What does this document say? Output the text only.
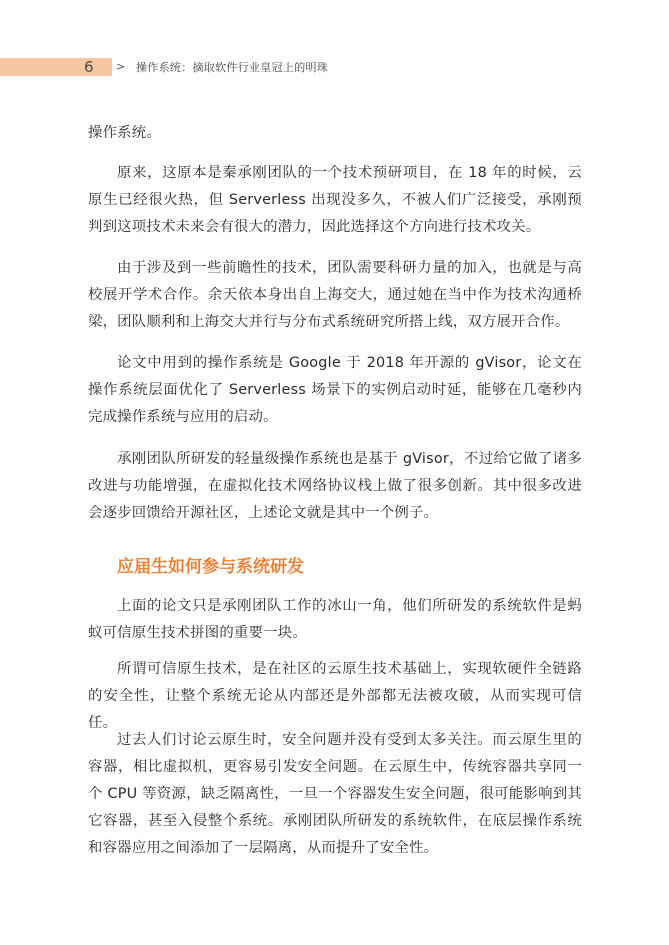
6 > 操作系统：摘取软件行业皇冠上的明珠

操作系统。

原来，这原本是秦承刚团队的一个技术预研项目，在 18 年的时候，云原生已经很火热，但 Serverless 出现没多久，不被人们广泛接受，承刚预判到这项技术未来会有很大的潜力，因此选择这个方向进行技术攻关。

由于涉及到一些前瞻性的技术，团队需要科研力量的加入，也就是与高校展开学术合作。余天依本身出自上海交大，通过她在当中作为技术沟通桥梁，团队顺利和上海交大并行与分布式系统研究所搭上线，双方展开合作。

论文中用到的操作系统是 Google 于 2018 年开源的 gVisor，论文在操作系统层面优化了 Serverless 场景下的实例启动时延，能够在几毫秒内完成操作系统与应用的启动。

承刚团队所研发的轻量级操作系统也是基于 gVisor，不过给它做了诸多改进与功能增强，在虚拟化技术网络协议栈上做了很多创新。其中很多改进会逐步回馈给开源社区，上述论文就是其中一个例子。

应届生如何参与系统研发

上面的论文只是承刚团队工作的冰山一角，他们所研发的系统软件是蚂蚁可信原生技术拼图的重要一块。

所谓可信原生技术，是在社区的云原生技术基础上，实现软硬件全链路的安全性，让整个系统无论从内部还是外部都无法被攻破，从而实现可信任。

过去人们讨论云原生时，安全问题并没有受到太多关注。而云原生里的容器，相比虚拟机，更容易引发安全问题。在云原生中，传统容器共享同一个 CPU 等资源，缺乏隔离性，一旦一个容器发生安全问题，很可能影响到其它容器，甚至入侵整个系统。承刚团队所研发的系统软件，在底层操作系统和容器应用之间添加了一层隔离，从而提升了安全性。
